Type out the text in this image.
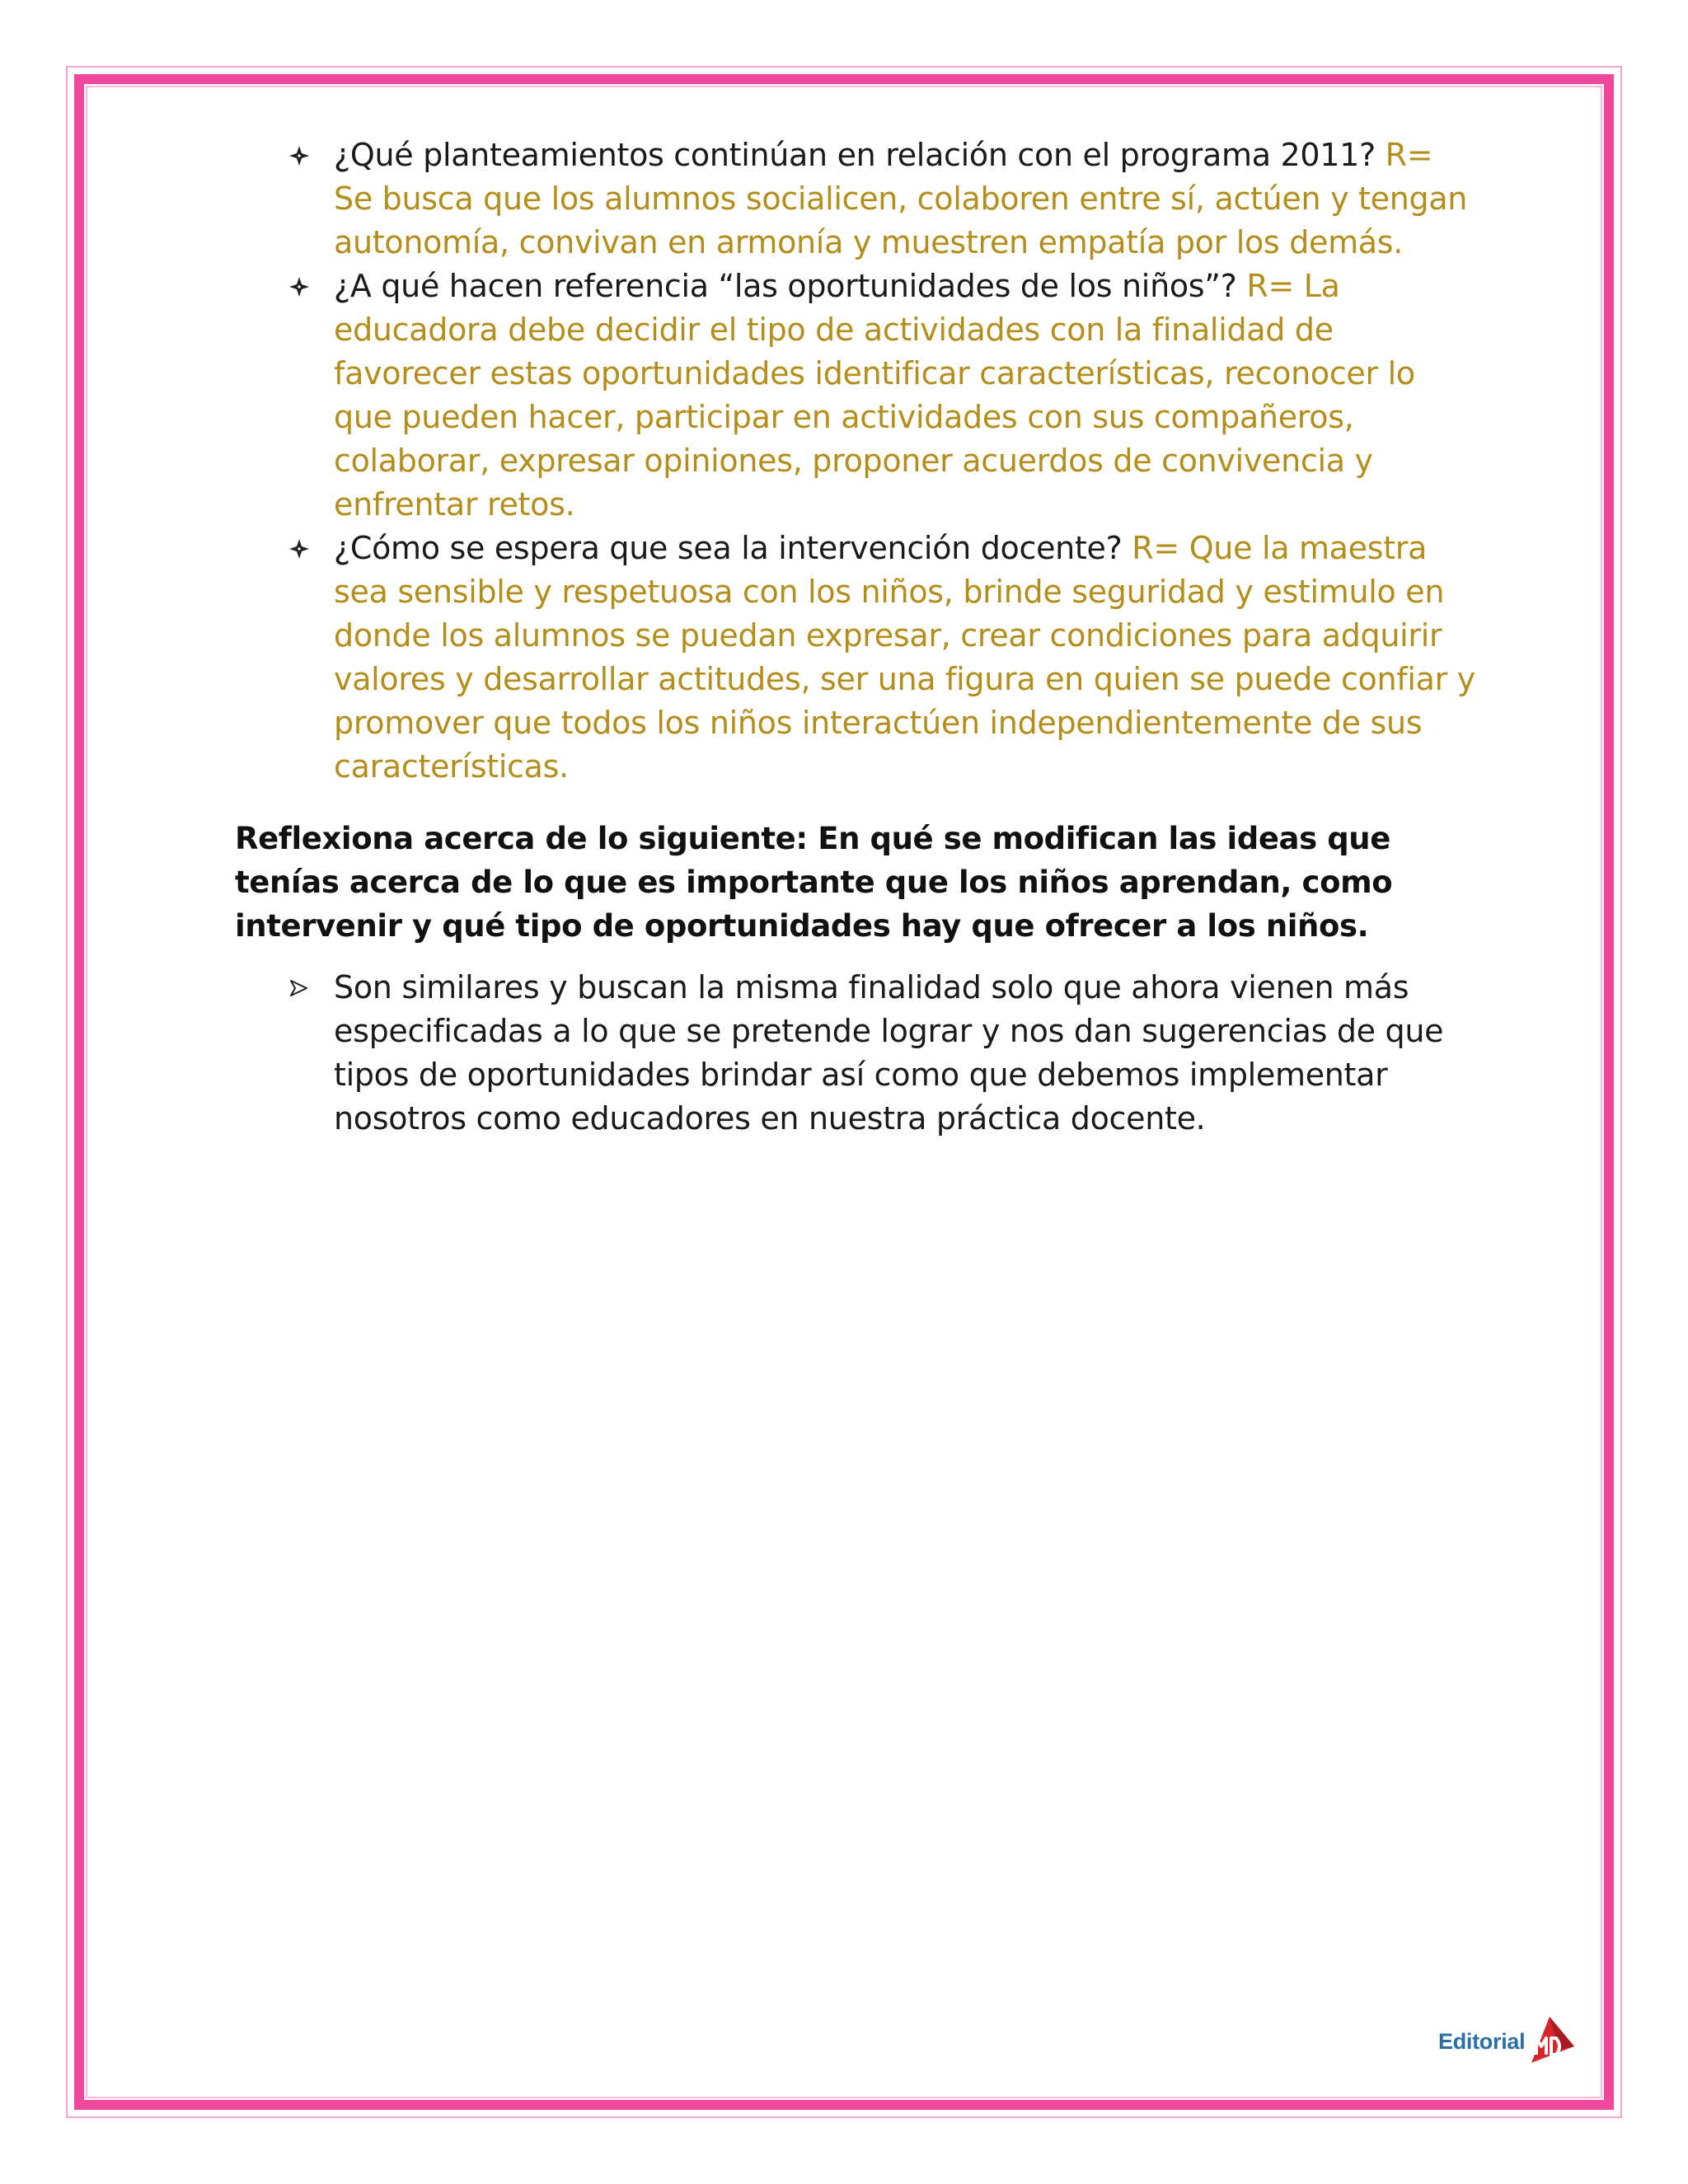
¿Qué planteamientos continúan en relación con el programa 2011? R= Se busca que los alumnos socialicen, colaboren entre sí, actúen y tengan autonomía, convivan en armonía y muestren empatía por los demás.
¿A qué hacen referencia “las oportunidades de los niños”? R= La educadora debe decidir el tipo de actividades con la finalidad de favorecer estas oportunidades identificar características, reconocer lo que pueden hacer, participar en actividades con sus compañeros, colaborar, expresar opiniones, proponer acuerdos de convivencia y enfrentar retos.
¿Cómo se espera que sea la intervención docente? R= Que la maestra sea sensible y respetuosa con los niños, brinde seguridad y estimulo en donde los alumnos se puedan expresar, crear condiciones para adquirir valores y desarrollar actitudes, ser una figura en quien se puede confiar y promover que todos los niños interactúen independientemente de sus características.

Reflexiona acerca de lo siguiente: En qué se modifican las ideas que tenías acerca de lo que es importante que los niños aprendan, como intervenir y qué tipo de oportunidades hay que ofrecer a los niños.

Son similares y buscan la misma finalidad solo que ahora vienen más especificadas a lo que se pretende lograr y nos dan sugerencias de que tipos de oportunidades brindar así como que debemos implementar nosotros como educadores en nuestra práctica docente.
Editorial
